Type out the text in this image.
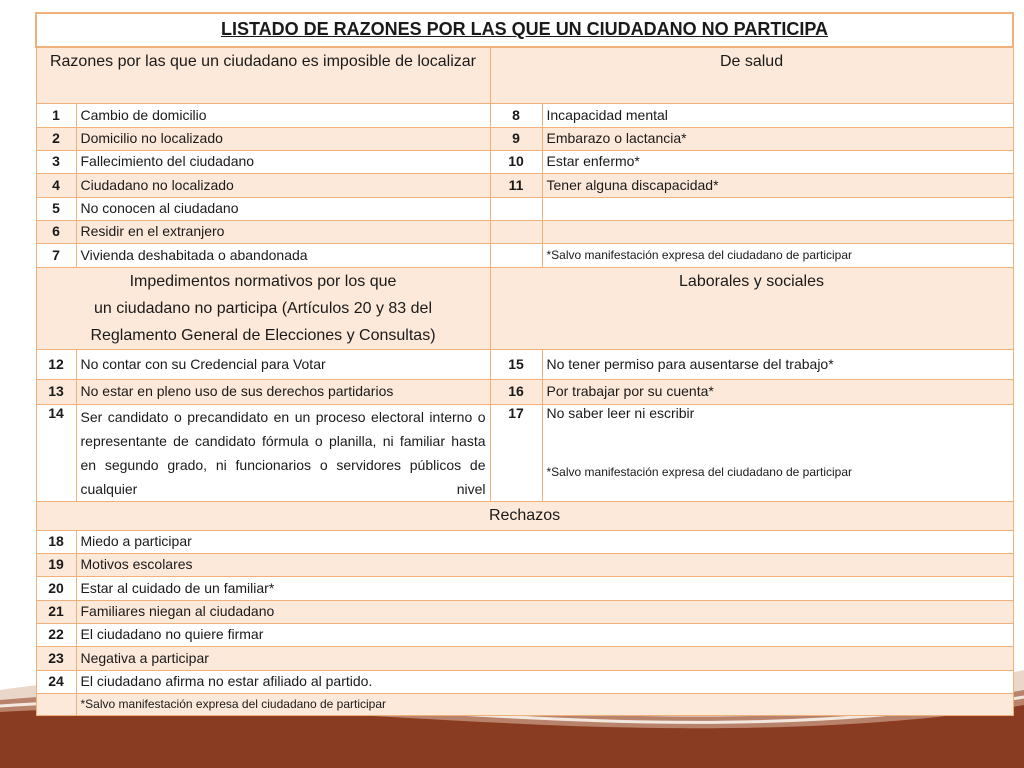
LISTADO DE RAZONES POR LAS QUE UN CIUDADANO NO PARTICIPA			
Razones por las que un ciudadano es imposible de localizar		De salud	
1	Cambio de domicilio	8	Incapacidad mental
2	Domicilio no localizado	9	Embarazo o lactancia*
3	Fallecimiento del ciudadano	10	Estar enfermo*
4	Ciudadano no localizado	11	Tener alguna discapacidad*
5	No conocen al ciudadano		
6	Residir en el extranjero		
7	Vivienda deshabitada o abandonada		*Salvo manifestación expresa del ciudadano de participar

Impedimentos normativos por los que
un ciudadano no participa (Artículos 20 y 83 del
Reglamento General de Elecciones y Consultas)		Laborales y sociales	
12	No contar con su Credencial para Votar	15	No tener permiso para ausentarse del trabajo*
13	No estar en pleno uso de sus derechos partidarios	16	Por trabajar por su cuenta*
14	Ser candidato o precandidato en un proceso electoral interno o representante de candidato fórmula o planilla, ni familiar hasta en segundo grado, ni funcionarios o servidores públicos de cualquier nivel	17	No saber leer ni escribir
*Salvo manifestación expresa del ciudadano de participar

Rechazos			
18	Miedo a participar		
19	Motivos escolares		
20	Estar al cuidado de un familiar*		
21	Familiares niegan al ciudadano		
22	El ciudadano no quiere firmar		
23	Negativa a participar		
24	El ciudadano afirma no estar afiliado al partido.		
	*Salvo manifestación expresa del ciudadano de participar		
